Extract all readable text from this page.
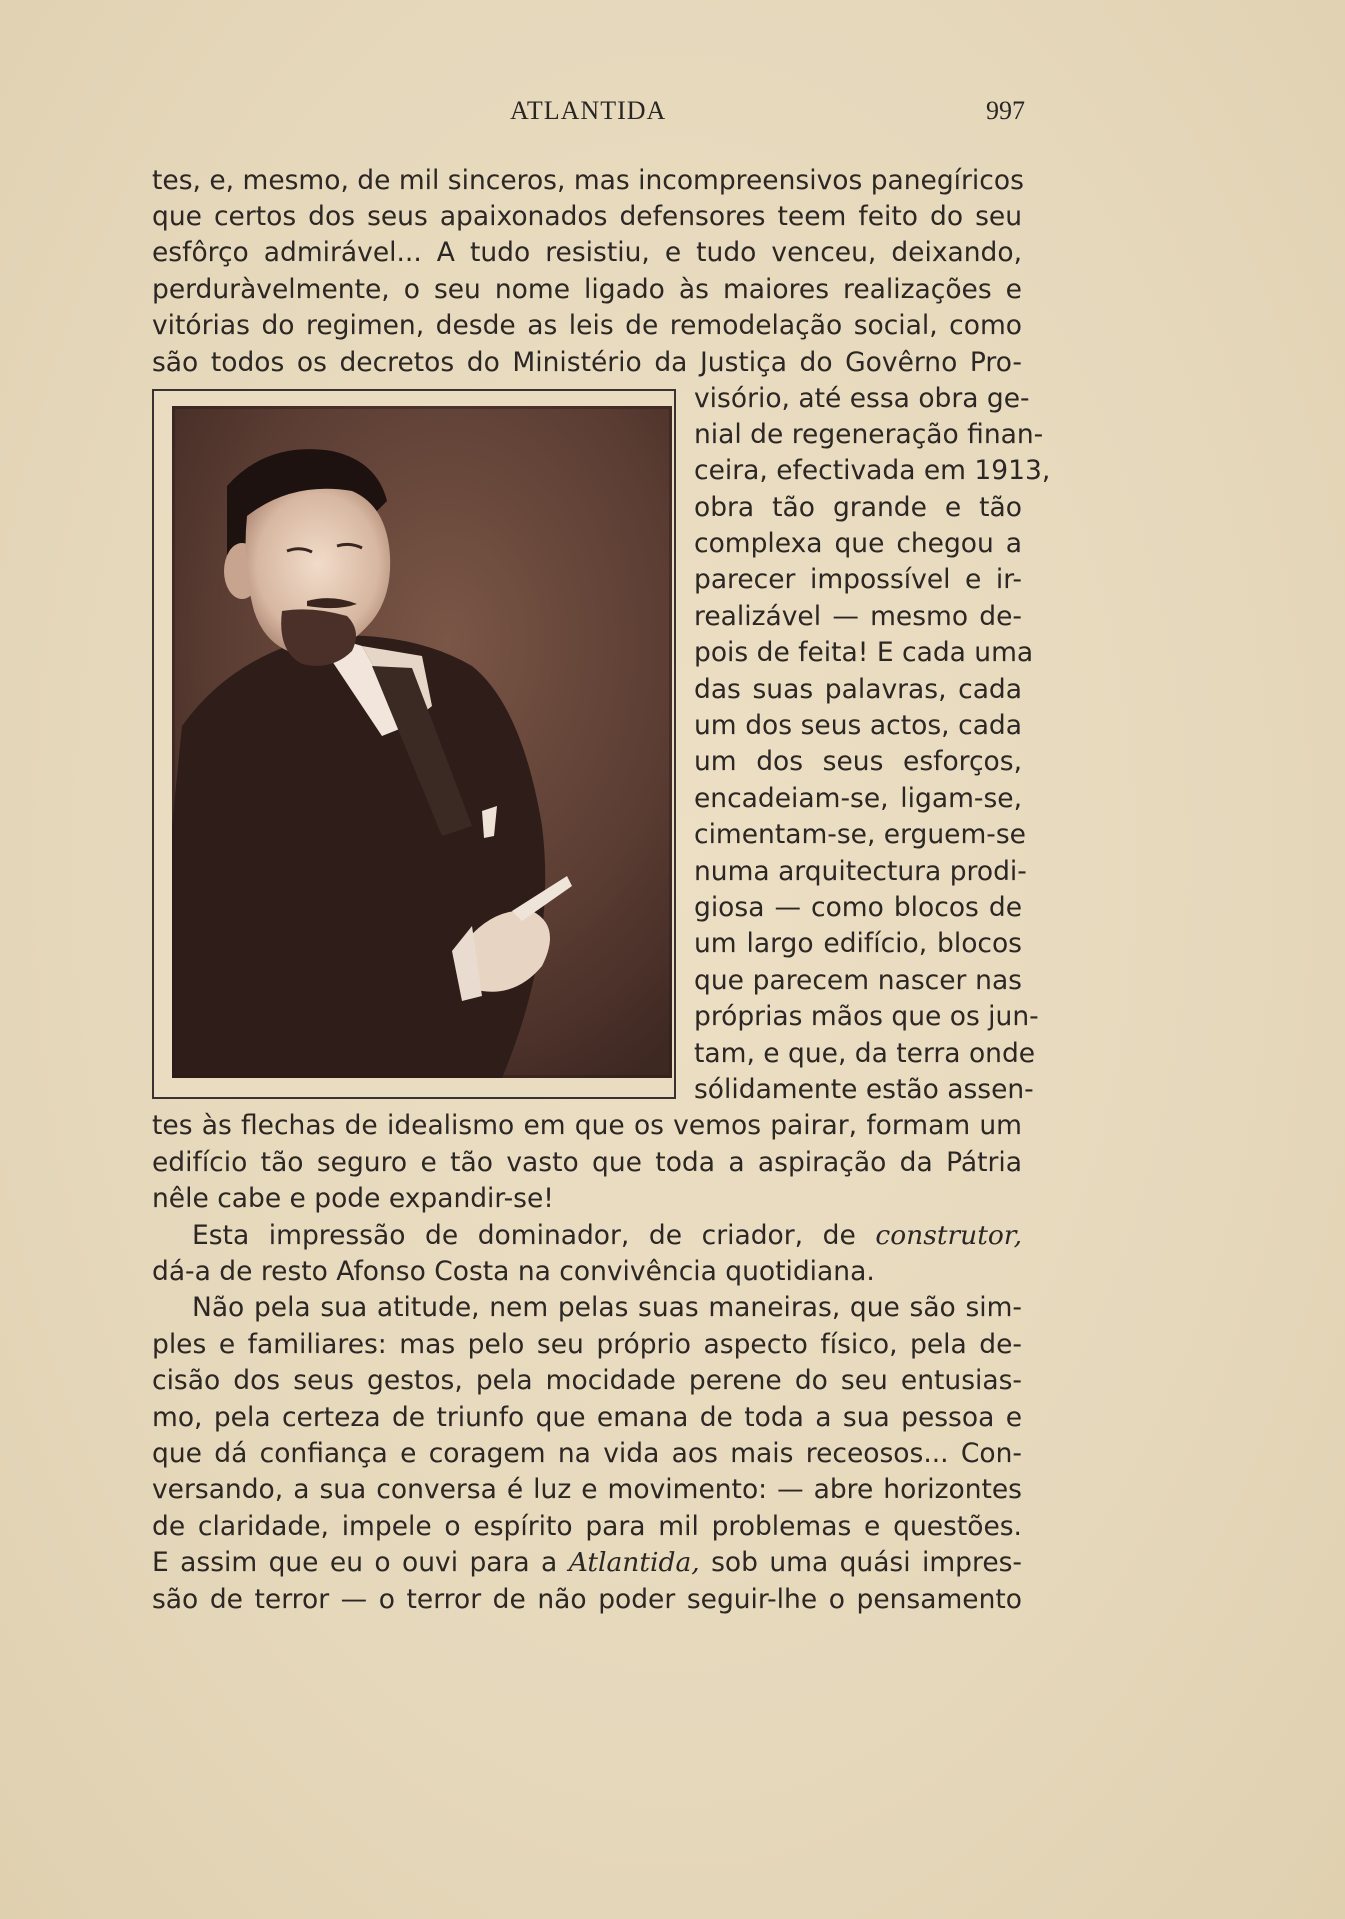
ATLANTIDA	997
tes, e, mesmo, de mil sinceros, mas incompreensivos panegíricos
que certos dos seus apaixonados defensores teem feito do seu
esfôrço admirável... A tudo resistiu, e tudo venceu, deixando,
perduràvelmente, o seu nome ligado às maiores realizações e
vitórias do regimen, desde as leis de remodelação social, como
são todos os decretos do Ministério da Justiça do Govêrno Pro-
visório, até essa obra ge-
nial de regeneração finan-
ceira, efectivada em 1913,
obra tão grande e tão
complexa que chegou a
parecer impossível e ir-
realizável — mesmo de-
pois de feita! E cada uma
das suas palavras, cada
um dos seus actos, cada
um dos seus esforços,
encadeiam-se, ligam-se,
cimentam-se, erguem-se
numa arquitectura prodi-
giosa — como blocos de
um largo edifício, blocos
que parecem nascer nas
próprias mãos que os jun-
tam, e que, da terra onde
sólidamente estão assen-
tes às flechas de idealismo em que os vemos pairar, formam um
edifício tão seguro e tão vasto que toda a aspiração da Pátria
nêle cabe e pode expandir-se!
Esta impressão de dominador, de criador, de construtor,
dá-a de resto Afonso Costa na convivência quotidiana.
Não pela sua atitude, nem pelas suas maneiras, que são sim-
ples e familiares: mas pelo seu próprio aspecto físico, pela de-
cisão dos seus gestos, pela mocidade perene do seu entusias-
mo, pela certeza de triunfo que emana de toda a sua pessoa e
que dá confiança e coragem na vida aos mais receosos... Con-
versando, a sua conversa é luz e movimento: — abre horizontes
de claridade, impele o espírito para mil problemas e questões.
E assim que eu o ouvi para a Atlantida, sob uma quási impres-
são de terror — o terror de não poder seguir-lhe o pensamento
